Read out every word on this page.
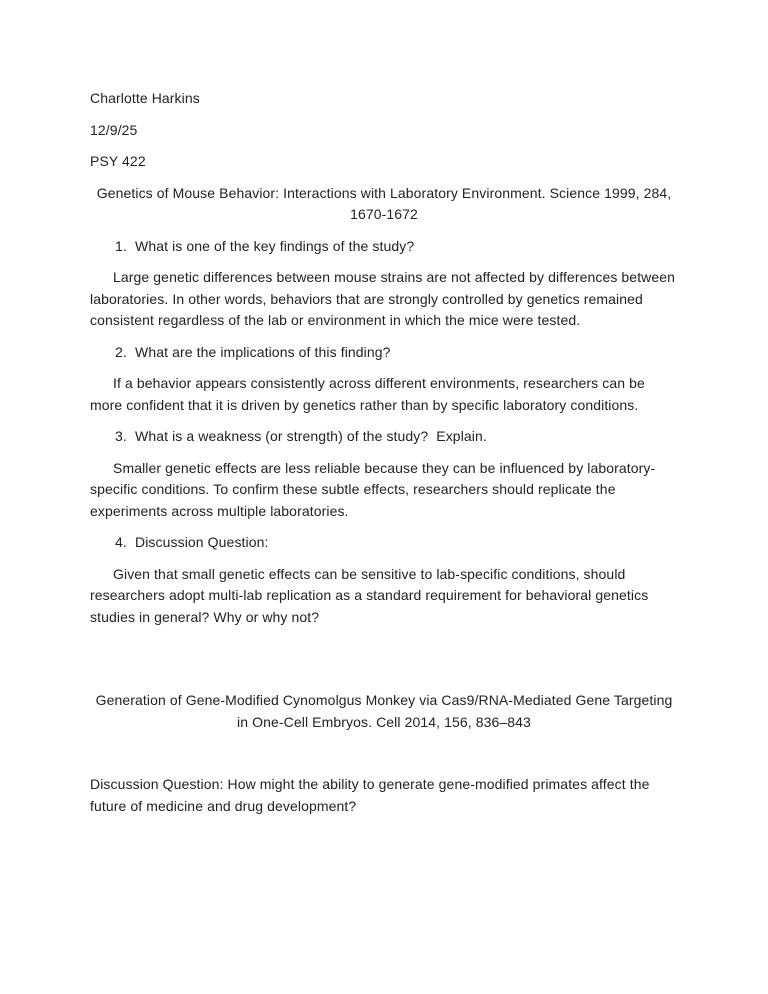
Charlotte Harkins

12/9/25

PSY 422

Genetics of Mouse Behavior: Interactions with Laboratory Environment. Science 1999, 284, 1670-1672

1. What is one of the key findings of the study?

Large genetic differences between mouse strains are not affected by differences between laboratories. In other words, behaviors that are strongly controlled by genetics remained consistent regardless of the lab or environment in which the mice were tested.

2. What are the implications of this finding?

If a behavior appears consistently across different environments, researchers can be more confident that it is driven by genetics rather than by specific laboratory conditions.

3. What is a weakness (or strength) of the study?  Explain.

Smaller genetic effects are less reliable because they can be influenced by laboratory-specific conditions. To confirm these subtle effects, researchers should replicate the experiments across multiple laboratories.

4. Discussion Question:

Given that small genetic effects can be sensitive to lab-specific conditions, should researchers adopt multi-lab replication as a standard requirement for behavioral genetics studies in general? Why or why not?

Generation of Gene-Modified Cynomolgus Monkey via Cas9/RNA-Mediated Gene Targeting in One-Cell Embryos. Cell 2014, 156, 836–843

Discussion Question: How might the ability to generate gene-modified primates affect the future of medicine and drug development?
